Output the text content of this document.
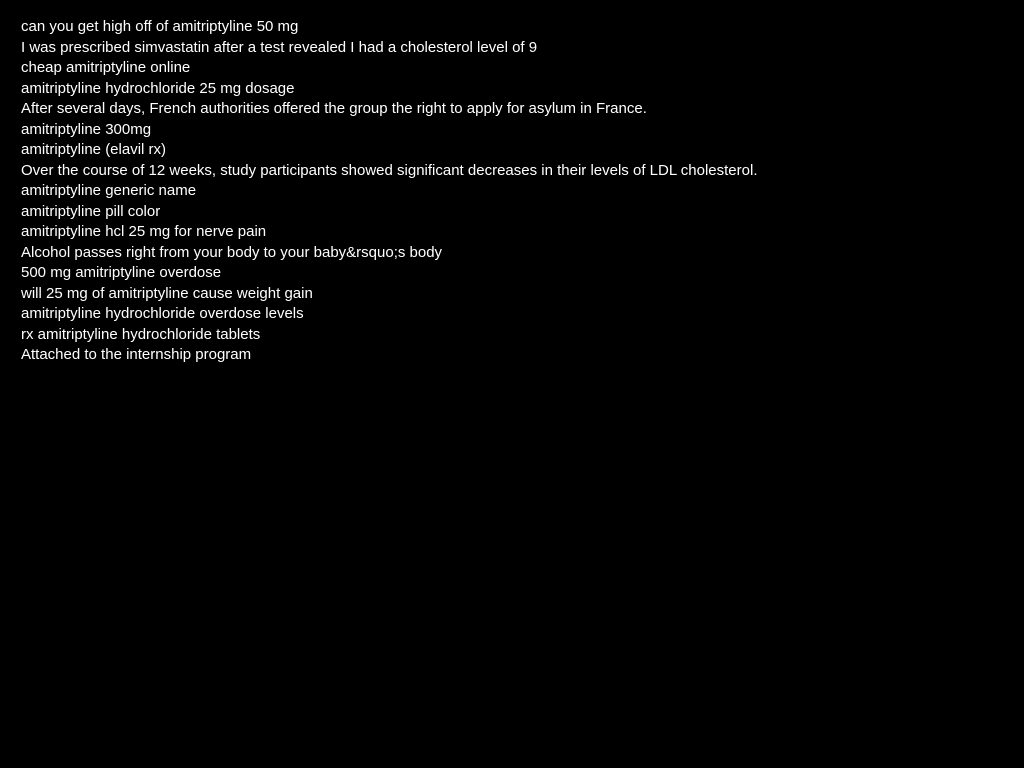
can you get high off of amitriptyline 50 mg
I was prescribed simvastatin after a test revealed I had a cholesterol level of 9
cheap amitriptyline online
amitriptyline hydrochloride 25 mg dosage
After several days, French authorities offered the group the right to apply for asylum in France.
amitriptyline 300mg
amitriptyline (elavil rx)
Over the course of 12 weeks, study participants showed significant decreases in their levels of LDL cholesterol.
amitriptyline generic name
amitriptyline pill color
amitriptyline hcl 25 mg for nerve pain
Alcohol passes right from your body to your baby&rsquo;s body
500 mg amitriptyline overdose
will 25 mg of amitriptyline cause weight gain
amitriptyline hydrochloride overdose levels
rx amitriptyline hydrochloride tablets
Attached to the internship program
